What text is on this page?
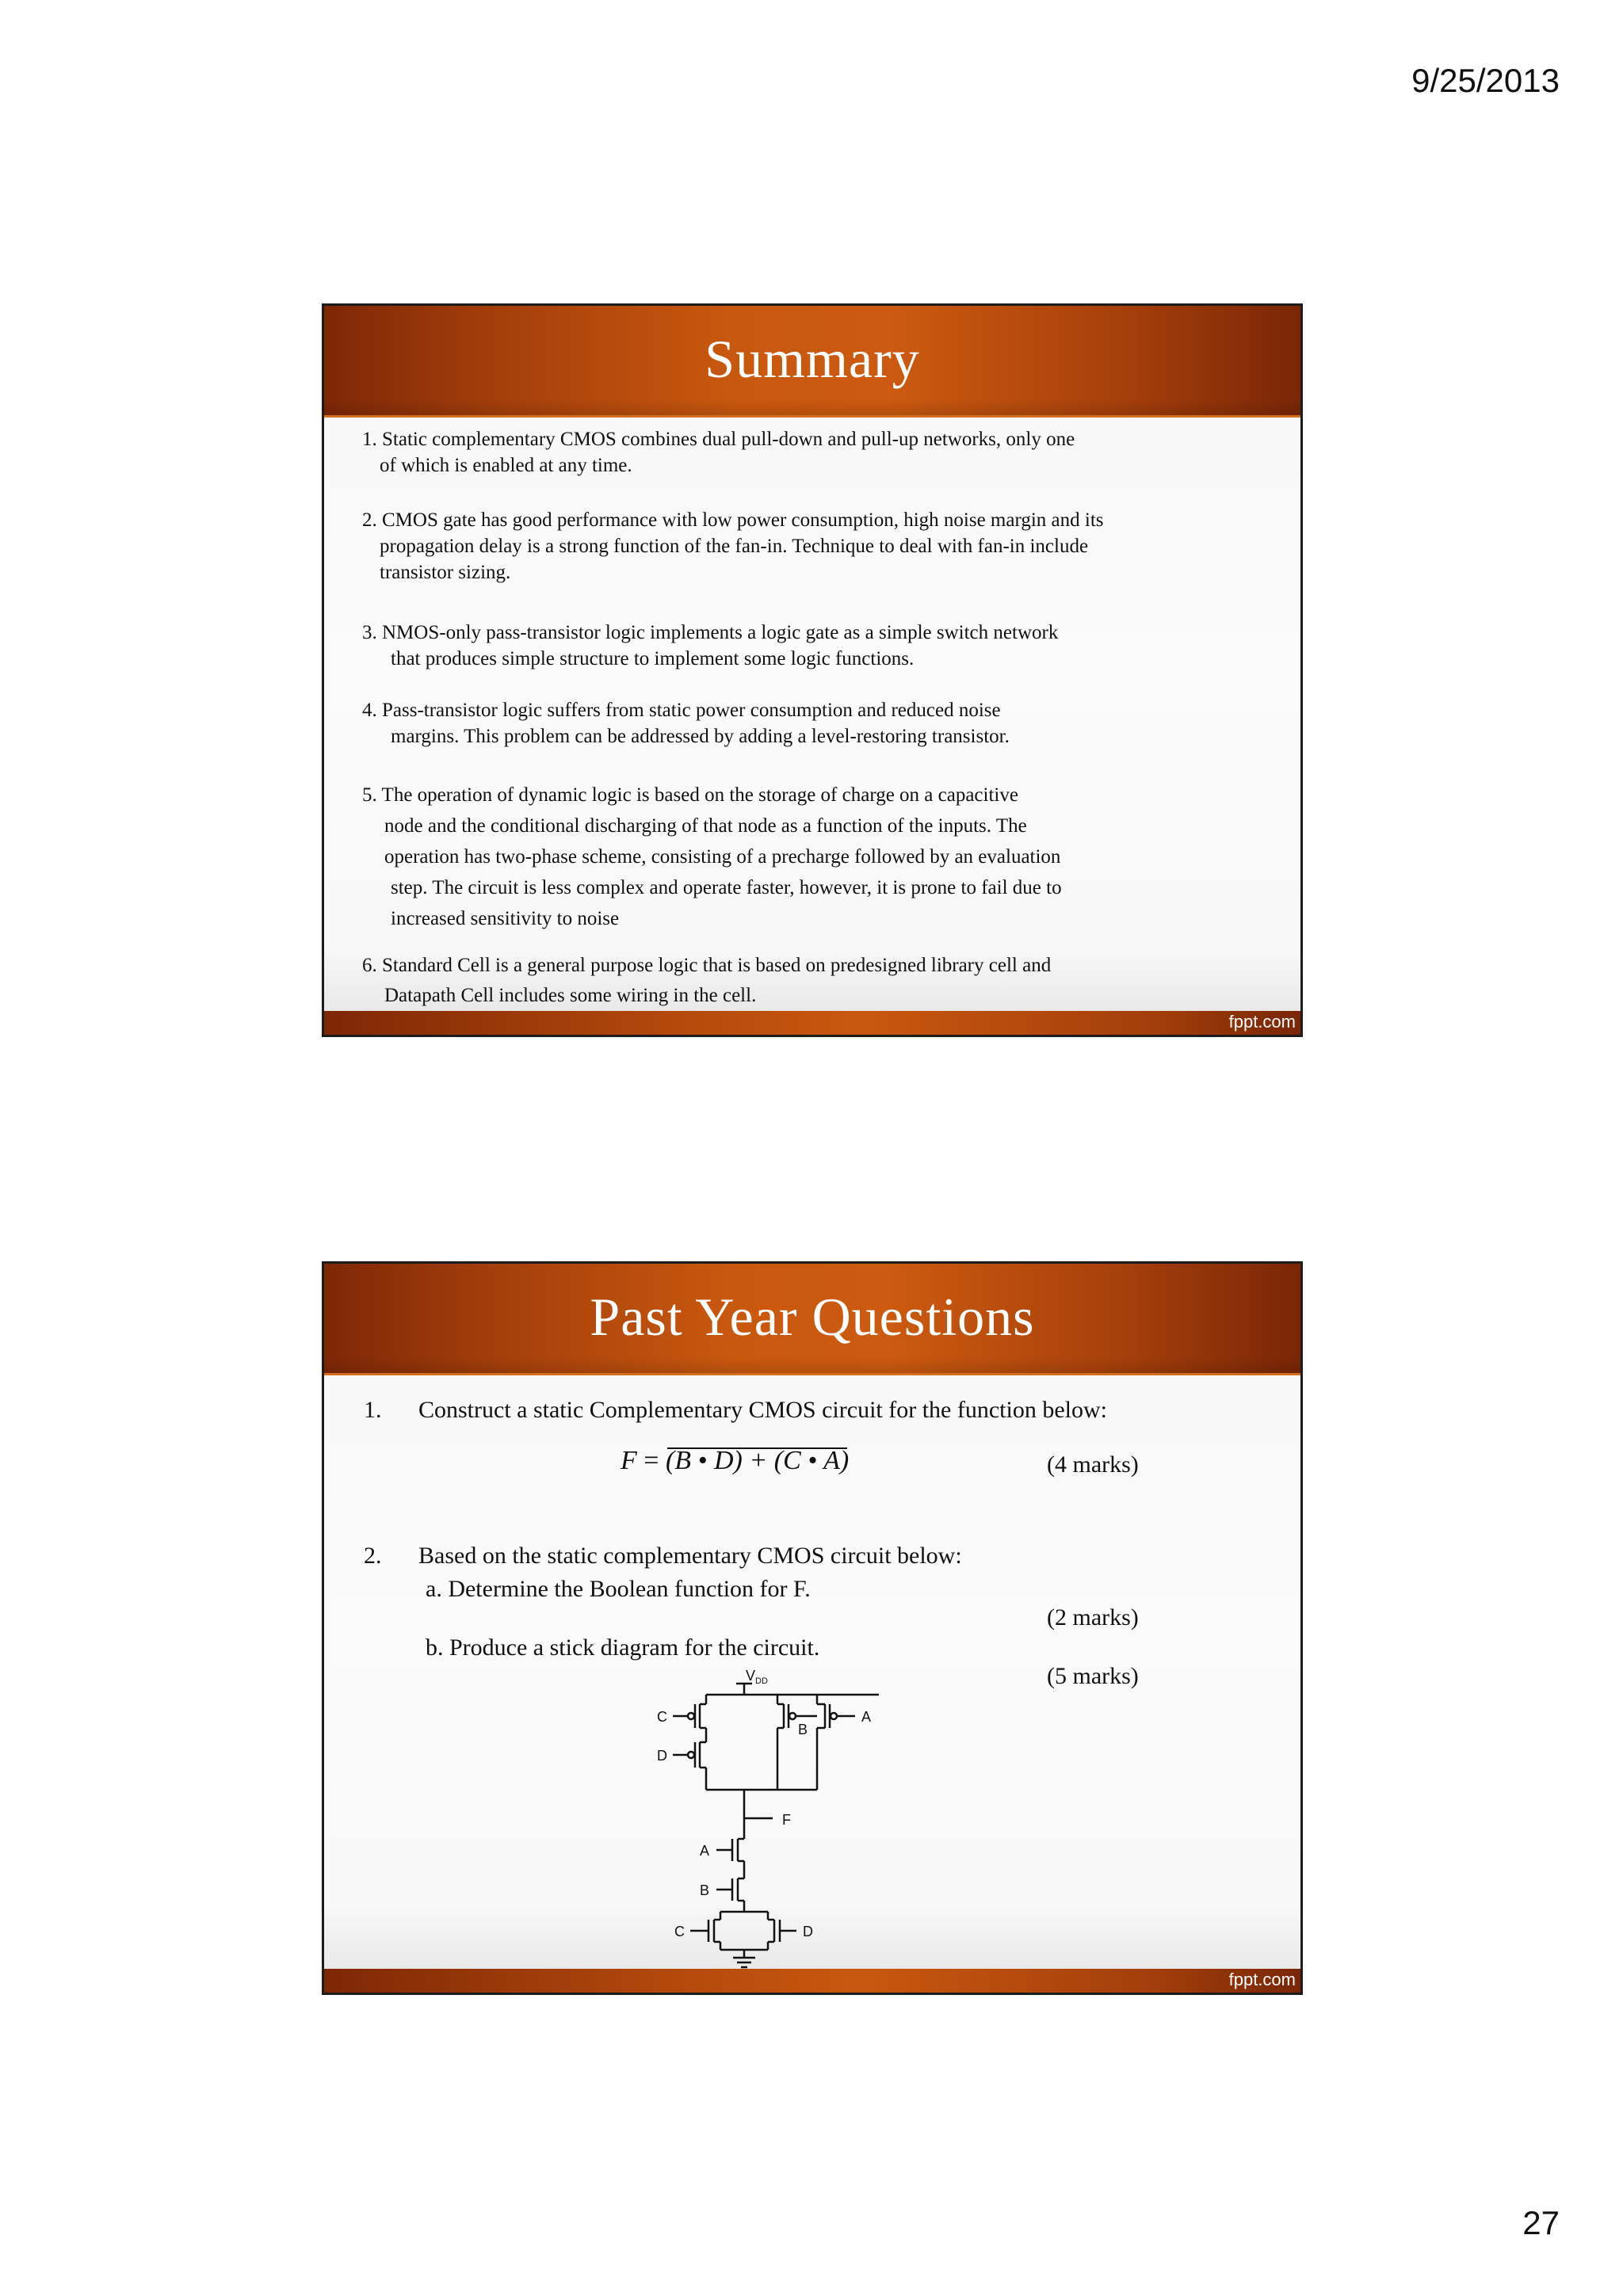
9/25/2013
Summary

1. Static complementary CMOS combines dual pull-down and pull-up networks, only one
of which is enabled at any time.

2. CMOS gate has good performance with low power consumption, high noise margin and its
propagation delay is a strong function of the fan-in. Technique to deal with fan-in include
transistor sizing.

3. NMOS-only pass-transistor logic implements a logic gate as a simple switch network
that produces simple structure to implement some logic functions.

4. Pass-transistor logic suffers from static power consumption and reduced noise
margins. This problem can be addressed by adding a level-restoring transistor.

5. The operation of dynamic logic is based on the storage of charge on a capacitive
node and the conditional discharging of that node as a function of the inputs. The
operation has two-phase scheme, consisting of a precharge followed by an evaluation
step. The circuit is less complex and operate faster, however, it is prone to fail due to
increased sensitivity to noise

6. Standard Cell is a general purpose logic that is based on predesigned library cell and
Datapath Cell includes some wiring in the cell.

fppt.com
Past Year Questions
1. Construct a static Complementary CMOS circuit for the function below:
F = (B • D) + (C • A)	(4 marks)
2. Based on the static complementary CMOS circuit below:
a. Determine the Boolean function for F.
(2 marks)
b. Produce a stick diagram for the circuit.
(5 marks)
$V_{DD}$
C
D
B
A
F
A
B
C	D
fppt.com
27
